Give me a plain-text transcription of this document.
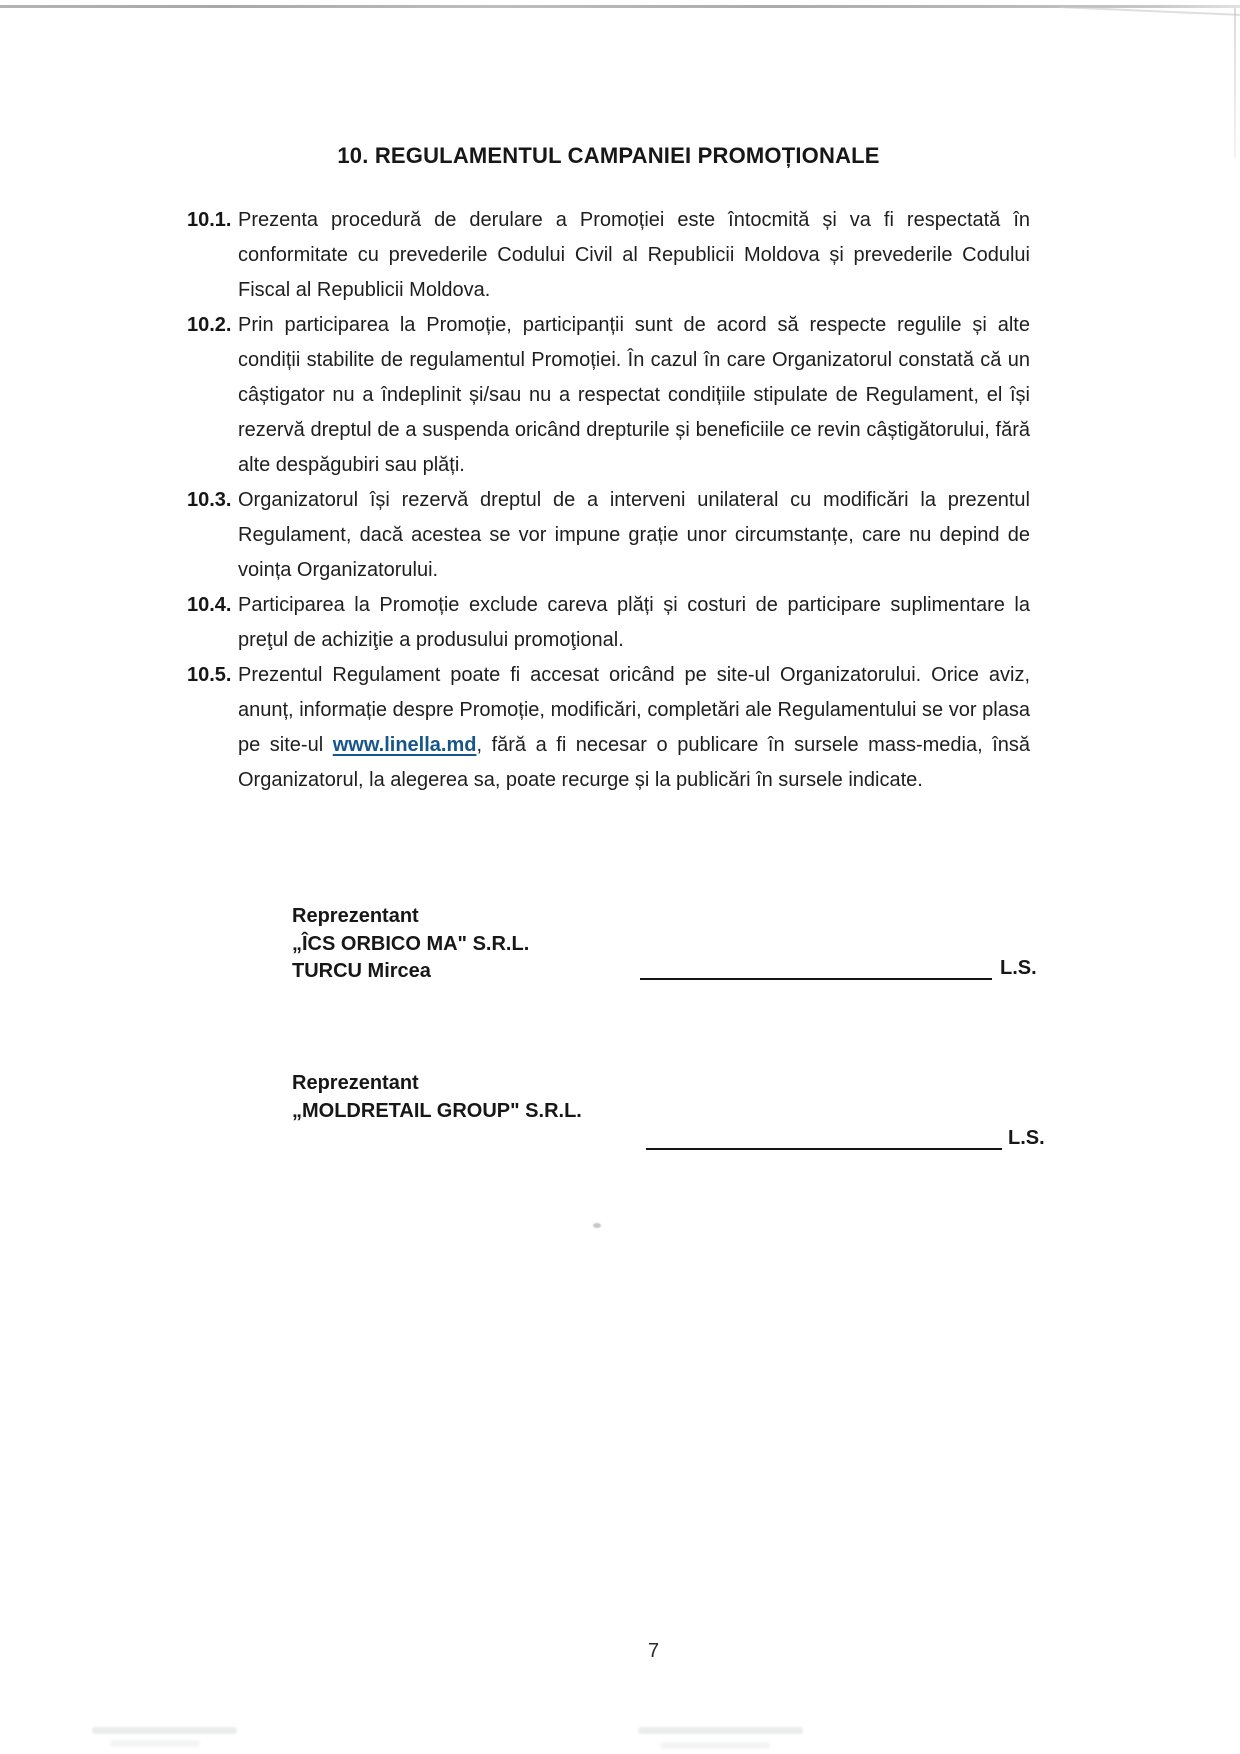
10. REGULAMENTUL CAMPANIEI PROMOȚIONALE
10.1. Prezenta procedură de derulare a Promoției este întocmită și va fi respectată în conformitate cu prevederile Codului Civil al Republicii Moldova și prevederile Codului Fiscal al Republicii Moldova.
10.2. Prin participarea la Promoție, participanții sunt de acord să respecte regulile și alte condiții stabilite de regulamentul Promoției. În cazul în care Organizatorul constată că un câștigator nu a îndeplinit și/sau nu a respectat condițiile stipulate de Regulament, el își rezervă dreptul de a suspenda oricând drepturile și beneficiile ce revin câștigătorului, fără alte despăgubiri sau plăți.
10.3. Organizatorul își rezervă dreptul de a interveni unilateral cu modificări la prezentul Regulament, dacă acestea se vor impune grație unor circumstanțe, care nu depind de voința Organizatorului.
10.4. Participarea la Promoție exclude careva plăți și costuri de participare suplimentare la preţul de achiziţie a produsului promoţional.
10.5. Prezentul Regulament poate fi accesat oricând pe site-ul Organizatorului. Orice aviz, anunț, informație despre Promoție, modificări, completări ale Regulamentului se vor plasa pe site-ul www.linella.md, fără a fi necesar o publicare în sursele mass-media, însă Organizatorul, la alegerea sa, poate recurge și la publicări în sursele indicate.
Reprezentant
„ÎCS ORBICO MA" S.R.L.
TURCU Mircea	L.S.
Reprezentant
„MOLDRETAIL GROUP" S.R.L.
L.S.
7
